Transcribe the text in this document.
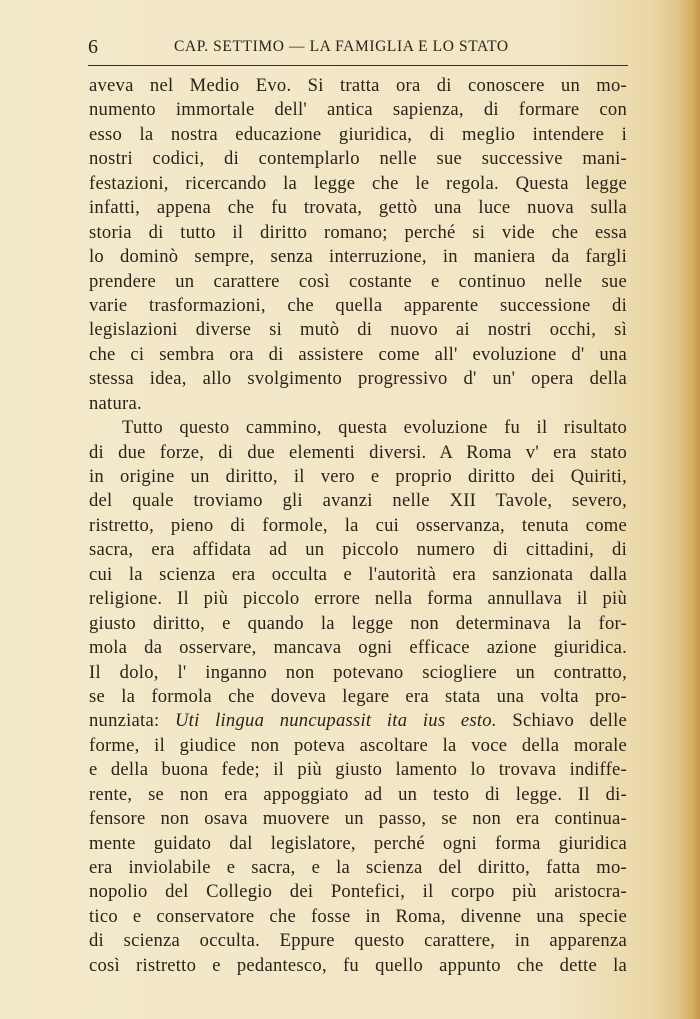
6	CAP. SETTIMO — LA FAMIGLIA E LO STATO
aveva nel Medio Evo. Si tratta ora di conoscere un mo-
numento immortale dell' antica sapienza, di formare con
esso la nostra educazione giuridica, di meglio intendere i
nostri codici, di contemplarlo nelle sue successive mani-
festazioni, ricercando la legge che le regola. Questa legge
infatti, appena che fu trovata, gettò una luce nuova sulla
storia di tutto il diritto romano; perché si vide che essa
lo dominò sempre, senza interruzione, in maniera da fargli
prendere un carattere così costante e continuo nelle sue
varie trasformazioni, che quella apparente successione di
legislazioni diverse si mutò di nuovo ai nostri occhi, sì
che ci sembra ora di assistere come all' evoluzione d' una
stessa idea, allo svolgimento progressivo d' un' opera della
natura.
Tutto questo cammino, questa evoluzione fu il risultato
di due forze, di due elementi diversi. A Roma v' era stato
in origine un diritto, il vero e proprio diritto dei Quiriti,
del quale troviamo gli avanzi nelle XII Tavole, severo,
ristretto, pieno di formole, la cui osservanza, tenuta come
sacra, era affidata ad un piccolo numero di cittadini, di
cui la scienza era occulta e l'autorità era sanzionata dalla
religione. Il più piccolo errore nella forma annullava il più
giusto diritto, e quando la legge non determinava la for-
mola da osservare, mancava ogni efficace azione giuridica.
Il dolo, l' inganno non potevano sciogliere un contratto,
se la formola che doveva legare era stata una volta pro-
nunziata: Uti lingua nuncupassit ita ius esto. Schiavo delle
forme, il giudice non poteva ascoltare la voce della morale
e della buona fede; il più giusto lamento lo trovava indiffe-
rente, se non era appoggiato ad un testo di legge. Il di-
fensore non osava muovere un passo, se non era continua-
mente guidato dal legislatore, perché ogni forma giuridica
era inviolabile e sacra, e la scienza del diritto, fatta mo-
nopolio del Collegio dei Pontefici, il corpo più aristocra-
tico e conservatore che fosse in Roma, divenne una specie
di scienza occulta. Eppure questo carattere, in apparenza
così ristretto e pedantesco, fu quello appunto che dette la
